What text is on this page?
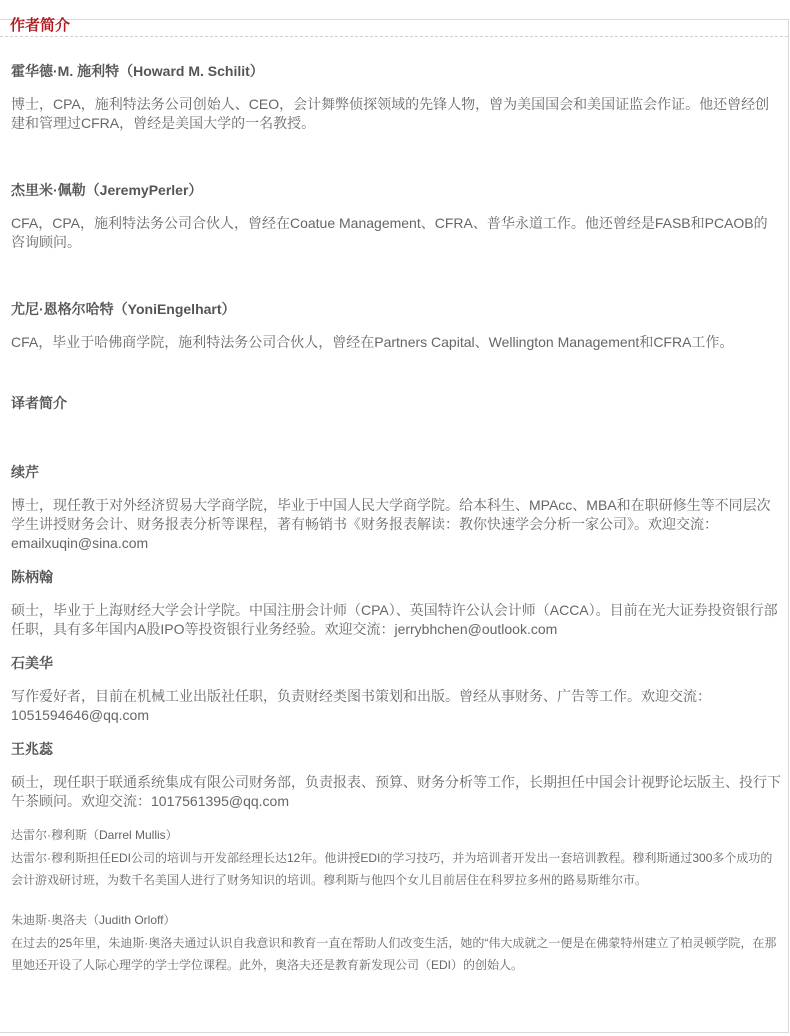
作者简介

霍华德·M. 施利特（Howard M. Schilit）

博士，CPA，施利特法务公司创始人、CEO，会计舞弊侦探领域的先锋人物，曾为美国国会和美国证监会作证。他还曾经创建和管理过CFRA，曾经是美国大学的一名教授。

杰里米·佩勒（JeremyPerler）

CFA，CPA，施利特法务公司合伙人，曾经在Coatue Management、CFRA、普华永道工作。他还曾经是FASB和PCAOB的咨询顾问。

尤尼·恩格尔哈特（YoniEngelhart）

CFA，毕业于哈佛商学院，施利特法务公司合伙人，曾经在Partners Capital、Wellington Management和CFRA工作。

译者简介

续芹

博士，现任教于对外经济贸易大学商学院，毕业于中国人民大学商学院。给本科生、MPAcc、MBA和在职研修生等不同层次学生讲授财务会计、财务报表分析等课程，著有畅销书《财务报表解读：教你快速学会分析一家公司》。欢迎交流：emailxuqin@sina.com

陈柄翰

硕士，毕业于上海财经大学会计学院。中国注册会计师（CPA）、英国特许公认会计师（ACCA）。目前在光大证券投资银行部任职，具有多年国内A股IPO等投资银行业务经验。欢迎交流：jerrybhchen@outlook.com

石美华

写作爱好者，目前在机械工业出版社任职，负责财经类图书策划和出版。曾经从事财务、广告等工作。欢迎交流：1051594646@qq.com

王兆蕊

硕士，现任职于联通系统集成有限公司财务部，负责报表、预算、财务分析等工作，长期担任中国会计视野论坛版主、投行下午茶顾问。欢迎交流：1017561395@qq.com

达雷尔·穆利斯（Darrel Mullis）

达雷尔·穆利斯担任EDI公司的培训与开发部经理长达12年。他讲授EDI的学习技巧，并为培训者开发出一套培训教程。穆利斯通过300多个成功的会计游戏研讨班，为数千名美国人进行了财务知识的培训。穆利斯与他四个女儿目前居住在科罗拉多州的路易斯维尔市。

朱迪斯·奥洛夫（Judith Orloff）

在过去的25年里，朱迪斯·奥洛夫通过认识自我意识和教育一直在帮助人们改变生活，她的“伟大成就之一便是在佛蒙特州建立了柏灵顿学院，在那里她还开设了人际心理学的学士学位课程。此外，奥洛夫还是教育新发现公司（EDI）的创始人。
